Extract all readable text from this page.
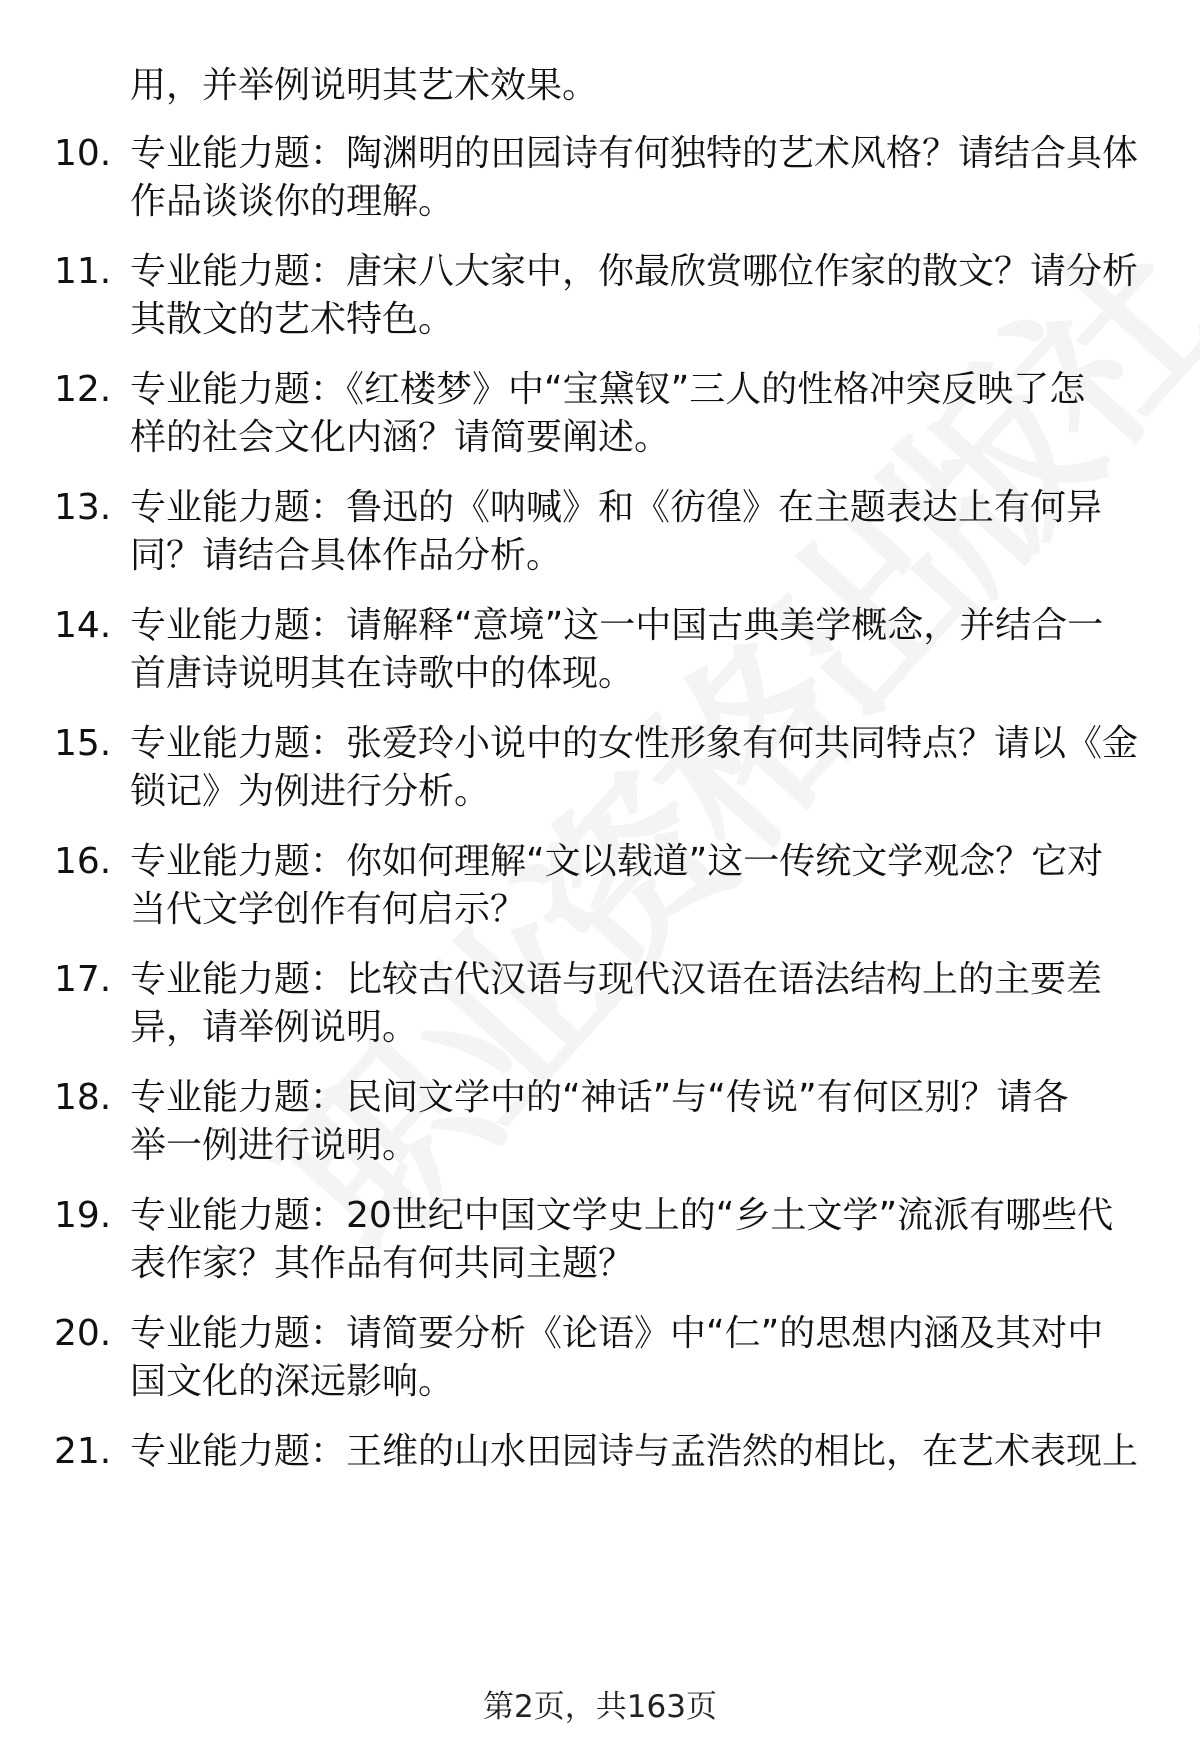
用，并举例说明其艺术效果。
10. 专业能力题：陶渊明的田园诗有何独特的艺术风格？请结合具体
作品谈谈你的理解。
11. 专业能力题：唐宋八大家中，你最欣赏哪位作家的散文？请分析
其散文的艺术特色。
12. 专业能力题：《红楼梦》中“宝黛钗”三人的性格冲突反映了怎
样的社会文化内涵？请简要阐述。
13. 专业能力题：鲁迅的《呐喊》和《彷徨》在主题表达上有何异
同？请结合具体作品分析。
14. 专业能力题：请解释“意境”这一中国古典美学概念，并结合一
首唐诗说明其在诗歌中的体现。
15. 专业能力题：张爱玲小说中的女性形象有何共同特点？请以《金
锁记》为例进行分析。
16. 专业能力题：你如何理解“文以载道”这一传统文学观念？它对
当代文学创作有何启示？
17. 专业能力题：比较古代汉语与现代汉语在语法结构上的主要差
异，请举例说明。
18. 专业能力题：民间文学中的“神话”与“传说”有何区别？请各
举一例进行说明。
19. 专业能力题：20世纪中国文学史上的“乡土文学”流派有哪些代
表作家？其作品有何共同主题？
20. 专业能力题：请简要分析《论语》中“仁”的思想内涵及其对中
国文化的深远影响。
21. 专业能力题：王维的山水田园诗与孟浩然的相比，在艺术表现上
第2页，共163页
